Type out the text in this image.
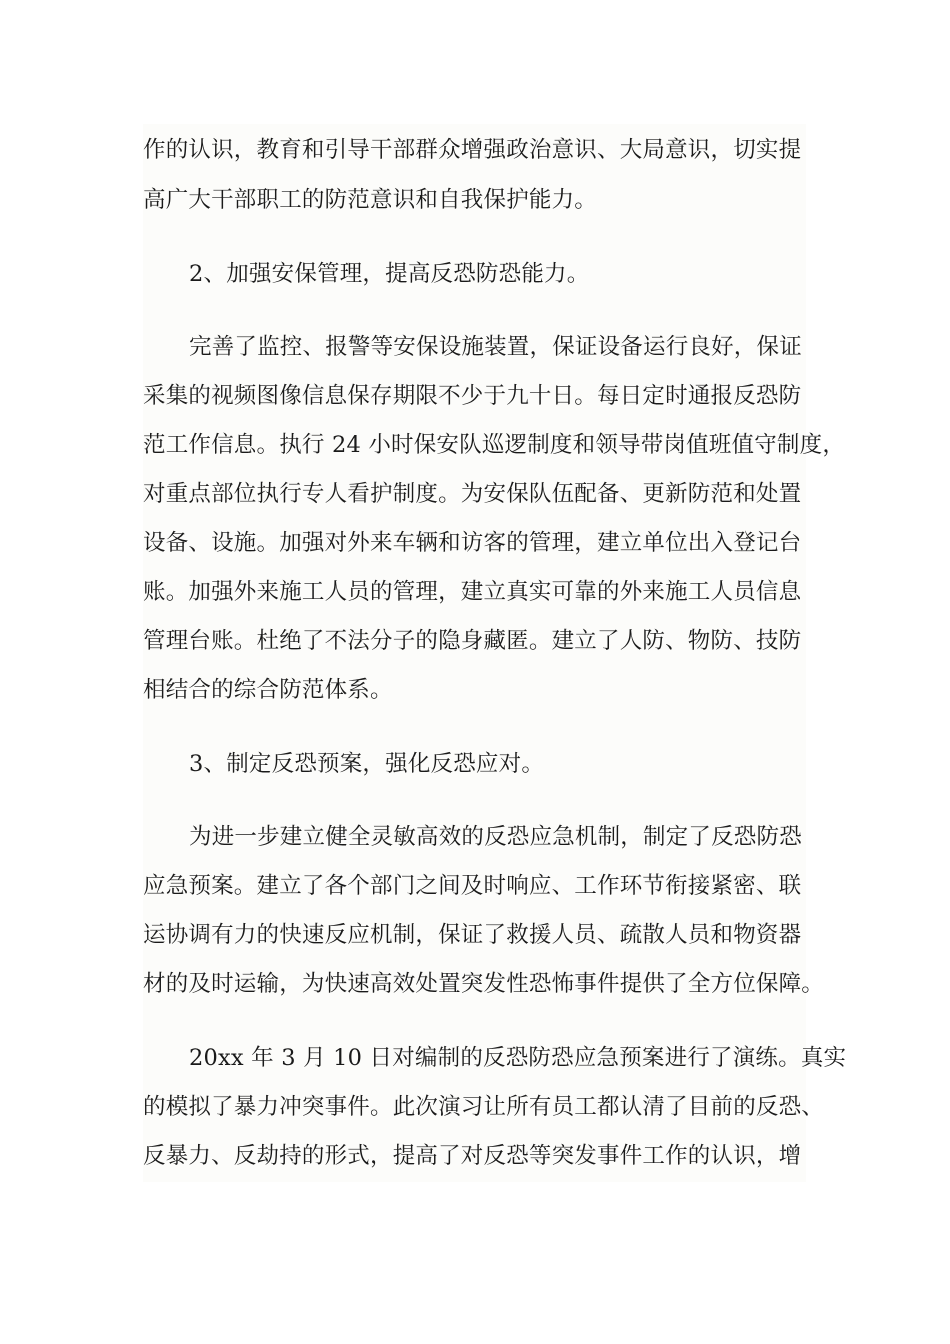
作的认识，教育和引导干部群众增强政治意识、大局意识，切实提
高广大干部职工的防范意识和自我保护能力。
2、加强安保管理，提高反恐防恐能力。
完善了监控、报警等安保设施装置，保证设备运行良好，保证
采集的视频图像信息保存期限不少于九十日。每日定时通报反恐防
范工作信息。执行 24 小时保安队巡逻制度和领导带岗值班值守制度，
对重点部位执行专人看护制度。为安保队伍配备、更新防范和处置
设备、设施。加强对外来车辆和访客的管理，建立单位出入登记台
账。加强外来施工人员的管理，建立真实可靠的外来施工人员信息
管理台账。杜绝了不法分子的隐身藏匿。建立了人防、物防、技防
相结合的综合防范体系。
3、制定反恐预案，强化反恐应对。
为进一步建立健全灵敏高效的反恐应急机制，制定了反恐防恐
应急预案。建立了各个部门之间及时响应、工作环节衔接紧密、联
运协调有力的快速反应机制，保证了救援人员、疏散人员和物资器
材的及时运输，为快速高效处置突发性恐怖事件提供了全方位保障。
20xx 年 3 月 10 日对编制的反恐防恐应急预案进行了演练。真实
的模拟了暴力冲突事件。此次演习让所有员工都认清了目前的反恐、
反暴力、反劫持的形式，提高了对反恐等突发事件工作的认识，增
